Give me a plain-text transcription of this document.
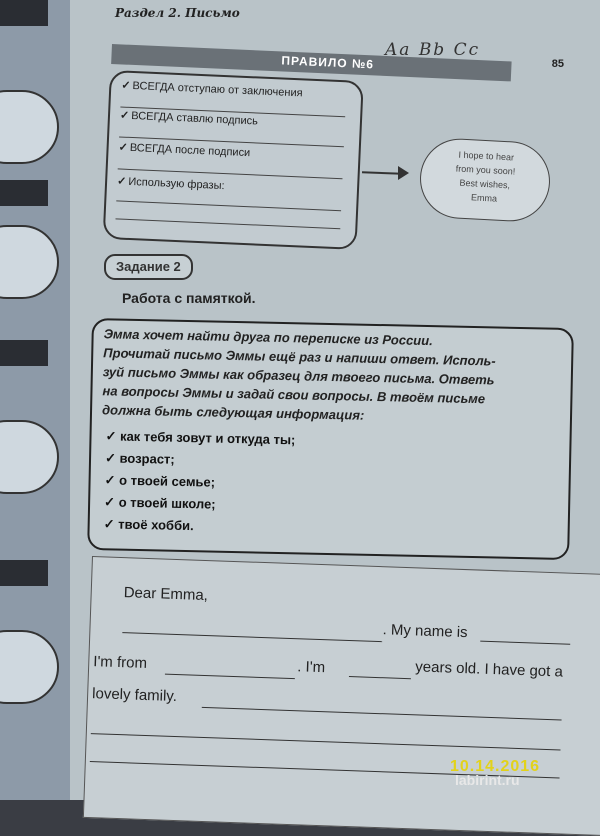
Раздел 2. Письмо
Aa Bb Cc
85
ПРАВИЛО №6
✓ВСЕГДА отступаю от заключения
✓ВСЕГДА ставлю подпись
✓ВСЕГДА после подписи
✓Использую фразы:
I hope to hear
from you soon!
Best wishes,
Emma
Задание 2
Работа с памяткой.
Эмма хочет найти друга по переписке из России.
Прочитай письмо Эммы ещё раз и напиши ответ. Исполь-
зуй письмо Эммы как образец для твоего письма. Ответь
на вопросы Эммы и задай свои вопросы. В твоём письме
должна быть следующая информация:
✓ как тебя зовут и откуда ты;
✓ возраст;
✓ о твоей семье;
✓ о твоей школе;
✓ твоё хобби.
Dear Emma,
. My name is
I'm from	. I'm	years old. I have got a
lovely family.
10.14.2016
labirint.ru
